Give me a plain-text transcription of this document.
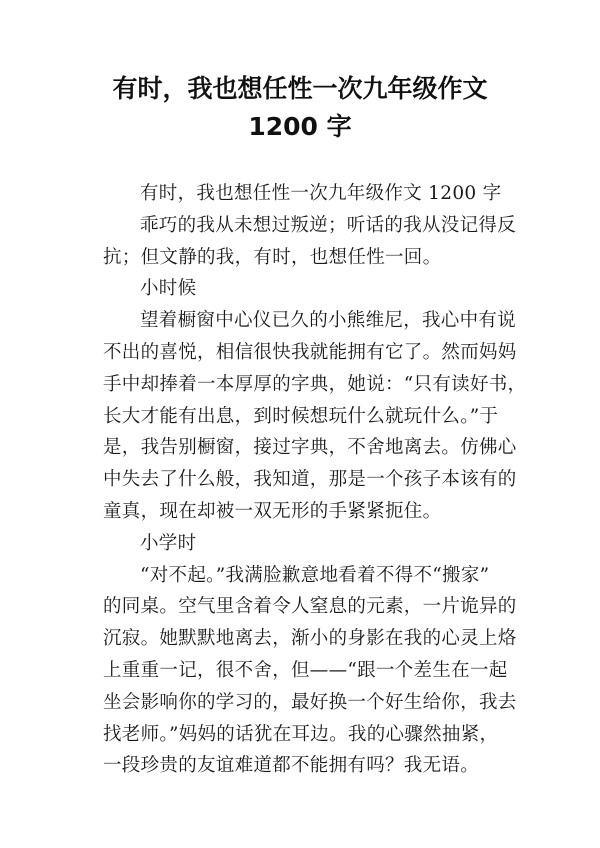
有时，我也想任性一次九年级作文
1200 字
有时，我也想任性一次九年级作文 1200 字
乖巧的我从未想过叛逆；听话的我从没记得反
抗；但文静的我，有时，也想任性一回。
小时候
望着橱窗中心仪已久的小熊维尼，我心中有说
不出的喜悦，相信很快我就能拥有它了。然而妈妈
手中却捧着一本厚厚的字典，她说：“只有读好书，
长大才能有出息，到时候想玩什么就玩什么。”于
是，我告别橱窗，接过字典，不舍地离去。仿佛心
中失去了什么般，我知道，那是一个孩子本该有的
童真，现在却被一双无形的手紧紧扼住。
小学时
“对不起。”我满脸歉意地看着不得不“搬家”
的同桌。空气里含着令人窒息的元素，一片诡异的
沉寂。她默默地离去，渐小的身影在我的心灵上烙
上重重一记，很不舍，但——“跟一个差生在一起
坐会影响你的学习的，最好换一个好生给你，我去
找老师。”妈妈的话犹在耳边。我的心骤然抽紧，
一段珍贵的友谊难道都不能拥有吗？我无语。
